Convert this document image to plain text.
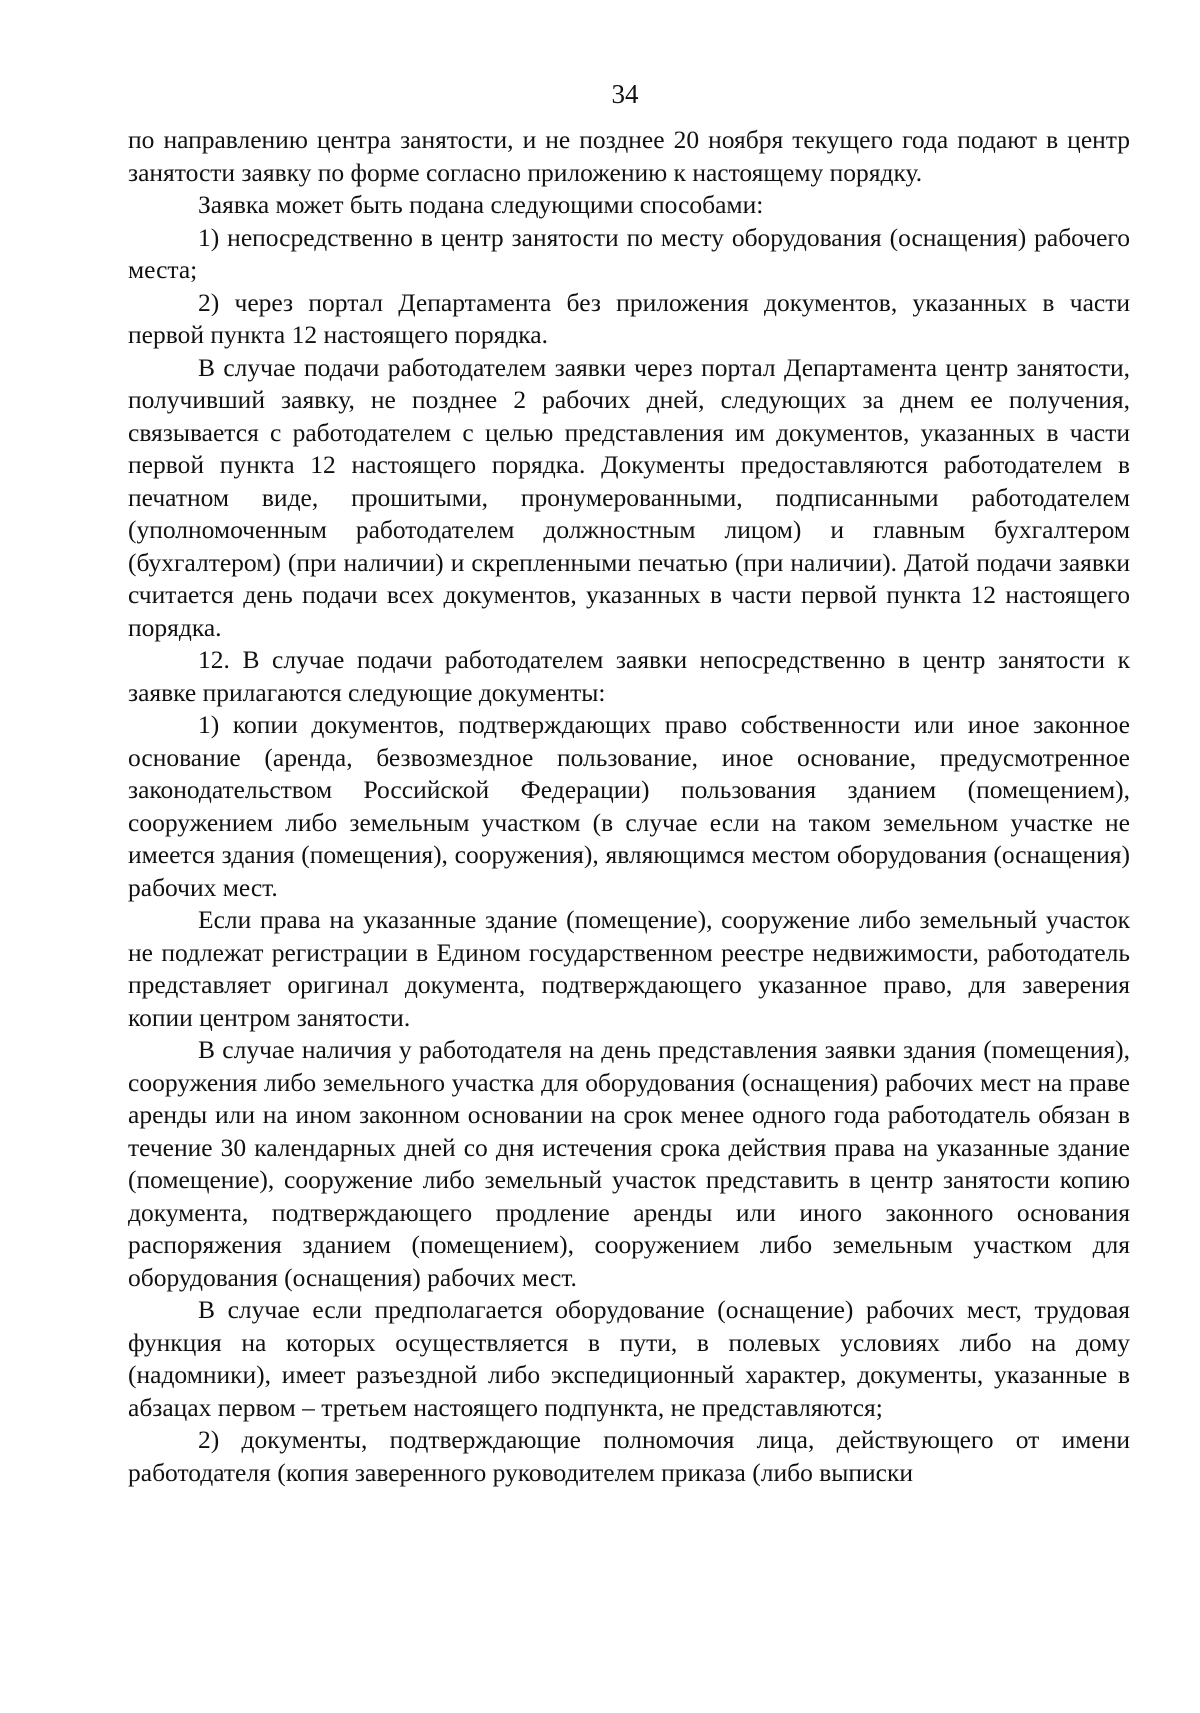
34

по направлению центра занятости, и не позднее 20 ноября текущего года подают в центр занятости заявку по форме согласно приложению к настоящему порядку.

Заявка может быть подана следующими способами:

1) непосредственно в центр занятости по месту оборудования (оснащения) рабочего места;

2) через портал Департамента без приложения документов, указанных в части первой пункта 12 настоящего порядка.

В случае подачи работодателем заявки через портал Департамента центр занятости, получивший заявку, не позднее 2 рабочих дней, следующих за днем ее получения, связывается с работодателем с целью представления им документов, указанных в части первой пункта 12 настоящего порядка. Документы предоставляются работодателем в печатном виде, прошитыми, пронумерованными, подписанными работодателем (уполномоченным работодателем должностным лицом) и главным бухгалтером (бухгалтером) (при наличии) и скрепленными печатью (при наличии). Датой подачи заявки считается день подачи всех документов, указанных в части первой пункта 12 настоящего порядка.

12. В случае подачи работодателем заявки непосредственно в центр занятости к заявке прилагаются следующие документы:

1) копии документов, подтверждающих право собственности или иное законное основание (аренда, безвозмездное пользование, иное основание, предусмотренное законодательством Российской Федерации) пользования зданием (помещением), сооружением либо земельным участком (в случае если на таком земельном участке не имеется здания (помещения), сооружения), являющимся местом оборудования (оснащения) рабочих мест.

Если права на указанные здание (помещение), сооружение либо земельный участок не подлежат регистрации в Едином государственном реестре недвижимости, работодатель представляет оригинал документа, подтверждающего указанное право, для заверения копии центром занятости.

В случае наличия у работодателя на день представления заявки здания (помещения), сооружения либо земельного участка для оборудования (оснащения) рабочих мест на праве аренды или на ином законном основании на срок менее одного года работодатель обязан в течение 30 календарных дней со дня истечения срока действия права на указанные здание (помещение), сооружение либо земельный участок представить в центр занятости копию документа, подтверждающего продление аренды или иного законного основания распоряжения зданием (помещением), сооружением либо земельным участком для оборудования (оснащения) рабочих мест.

В случае если предполагается оборудование (оснащение) рабочих мест, трудовая функция на которых осуществляется в пути, в полевых условиях либо на дому (надомники), имеет разъездной либо экспедиционный характер, документы, указанные в абзацах первом – третьем настоящего подпункта, не представляются;

2) документы, подтверждающие полномочия лица, действующего от имени работодателя (копия заверенного руководителем приказа (либо выписки
